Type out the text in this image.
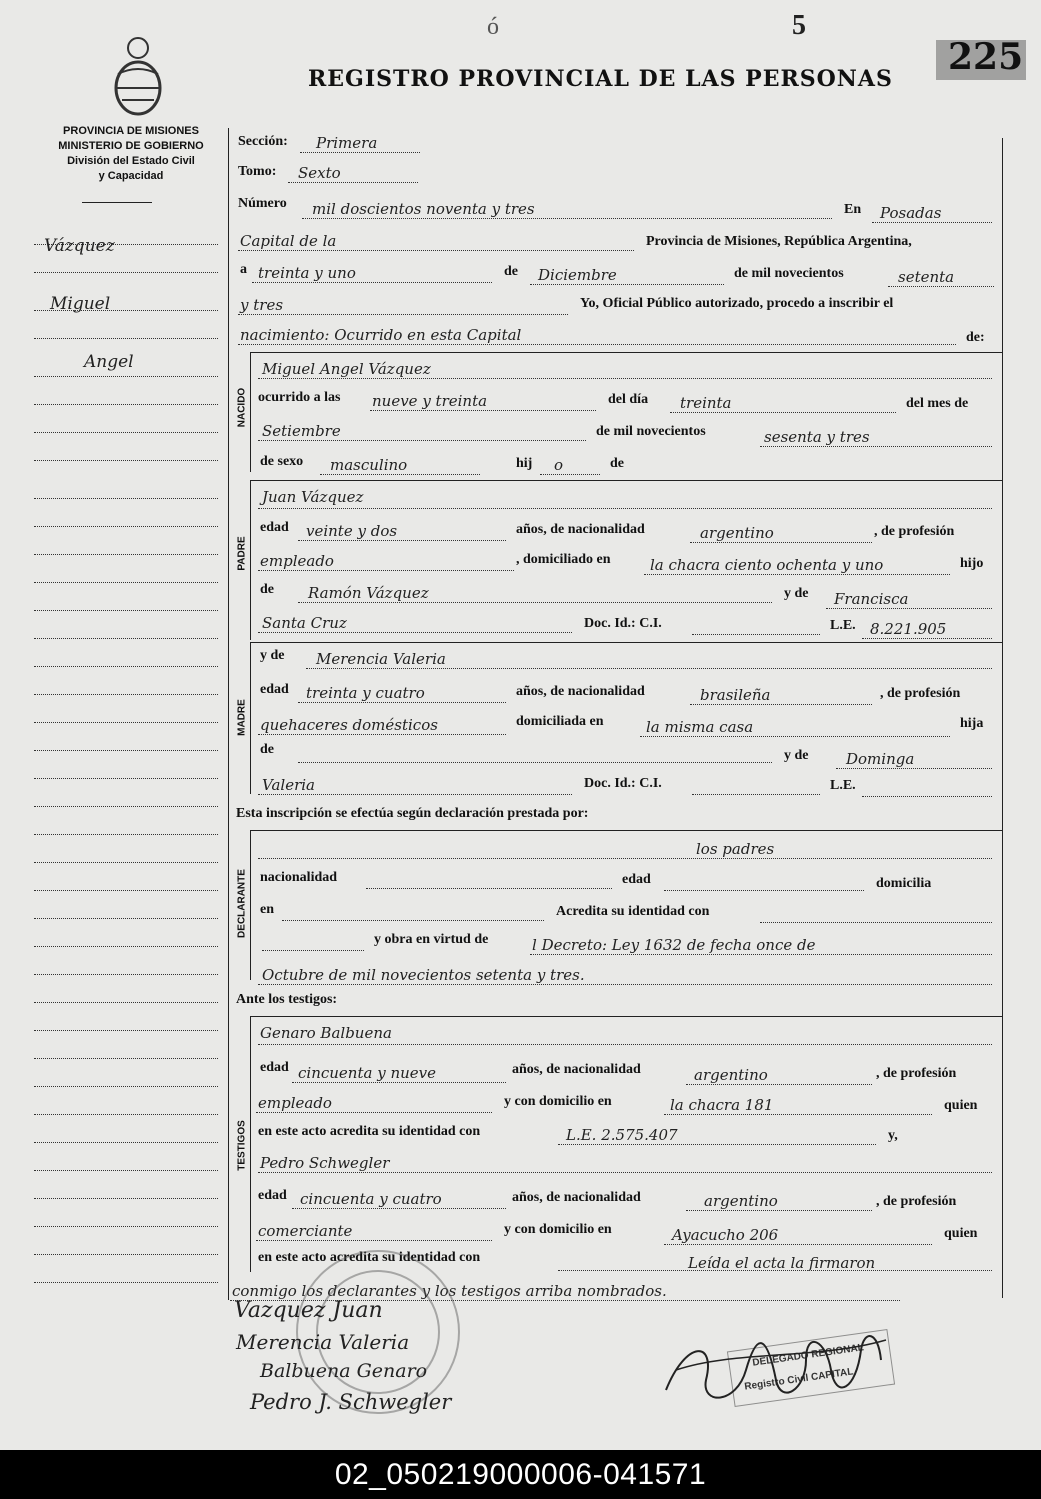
ó	5
225
REGISTRO PROVINCIAL DE LAS PERSONAS
PROVINCIA DE MISIONES
MINISTERIO DE GOBIERNO
División del Estado Civil
y Capacidad
Vázquez
Miguel
Angel
Sección: Primera
Tomo: Sexto
Número mil doscientos noventa y tres	En Posadas
Capital de la	Provincia de Misiones, República Argentina,
a treinta y uno	de Diciembre	de mil novecientos	setenta
y tres	Yo, Oficial Público autorizado, procedo a inscribir el
nacimiento: Ocurrido en esta Capital	de:
NACIDO
Miguel Angel Vázquez
ocurrido a las nueve y treinta	del día treinta	del mes de
Setiembre	de mil novecientos	sesenta y tres
de sexo masculino	hij o	de
PADRE
Juan Vázquez
edad veinte y dos	años, de nacionalidad	argentino	, de profesión
empleado	, domiciliado en	la chacra ciento ochenta y uno	hijo
de Ramón Vázquez	y de Francisca
Santa Cruz	Doc. Id.: C.I.	L.E. 8.221.905
MADRE
y de Merencia Valeria
edad treinta y cuatro	años, de nacionalidad	brasileña	, de profesión
quehaceres domésticos	domiciliada en	la misma casa	hija
de	y de	Dominga
Valeria	Doc. Id.: C.I.	L.E.
Esta inscripción se efectúa según declaración prestada por:
DECLARANTE
los padres
nacionalidad	edad	domicilia
en	Acredita su identidad con
y obra en virtud de	l Decreto: Ley 1632 de fecha once de
Octubre de mil novecientos setenta y tres.
Ante los testigos:
TESTIGOS
Genaro Balbuena
edad cincuenta y nueve	años, de nacionalidad	argentino	, de profesión
empleado	y con domicilio en	la chacra 181	quien
en este acto acredita su identidad con	L.E. 2.575.407	y,
Pedro Schwegler
edad cincuenta y cuatro	años, de nacionalidad	argentino	, de profesión
comerciante	y con domicilio en	Ayacucho 206	quien
en este acto acredita su identidad con	Leída el acta la firmaron
conmigo los declarantes y los testigos arriba nombrados.
DELEGADO REGIONAL
Registro Civil CAPITAL
Vazquez Juan
Merencia Valeria
Balbuena Genaro
Pedro J. Schwegler
02_050219000006-041571
